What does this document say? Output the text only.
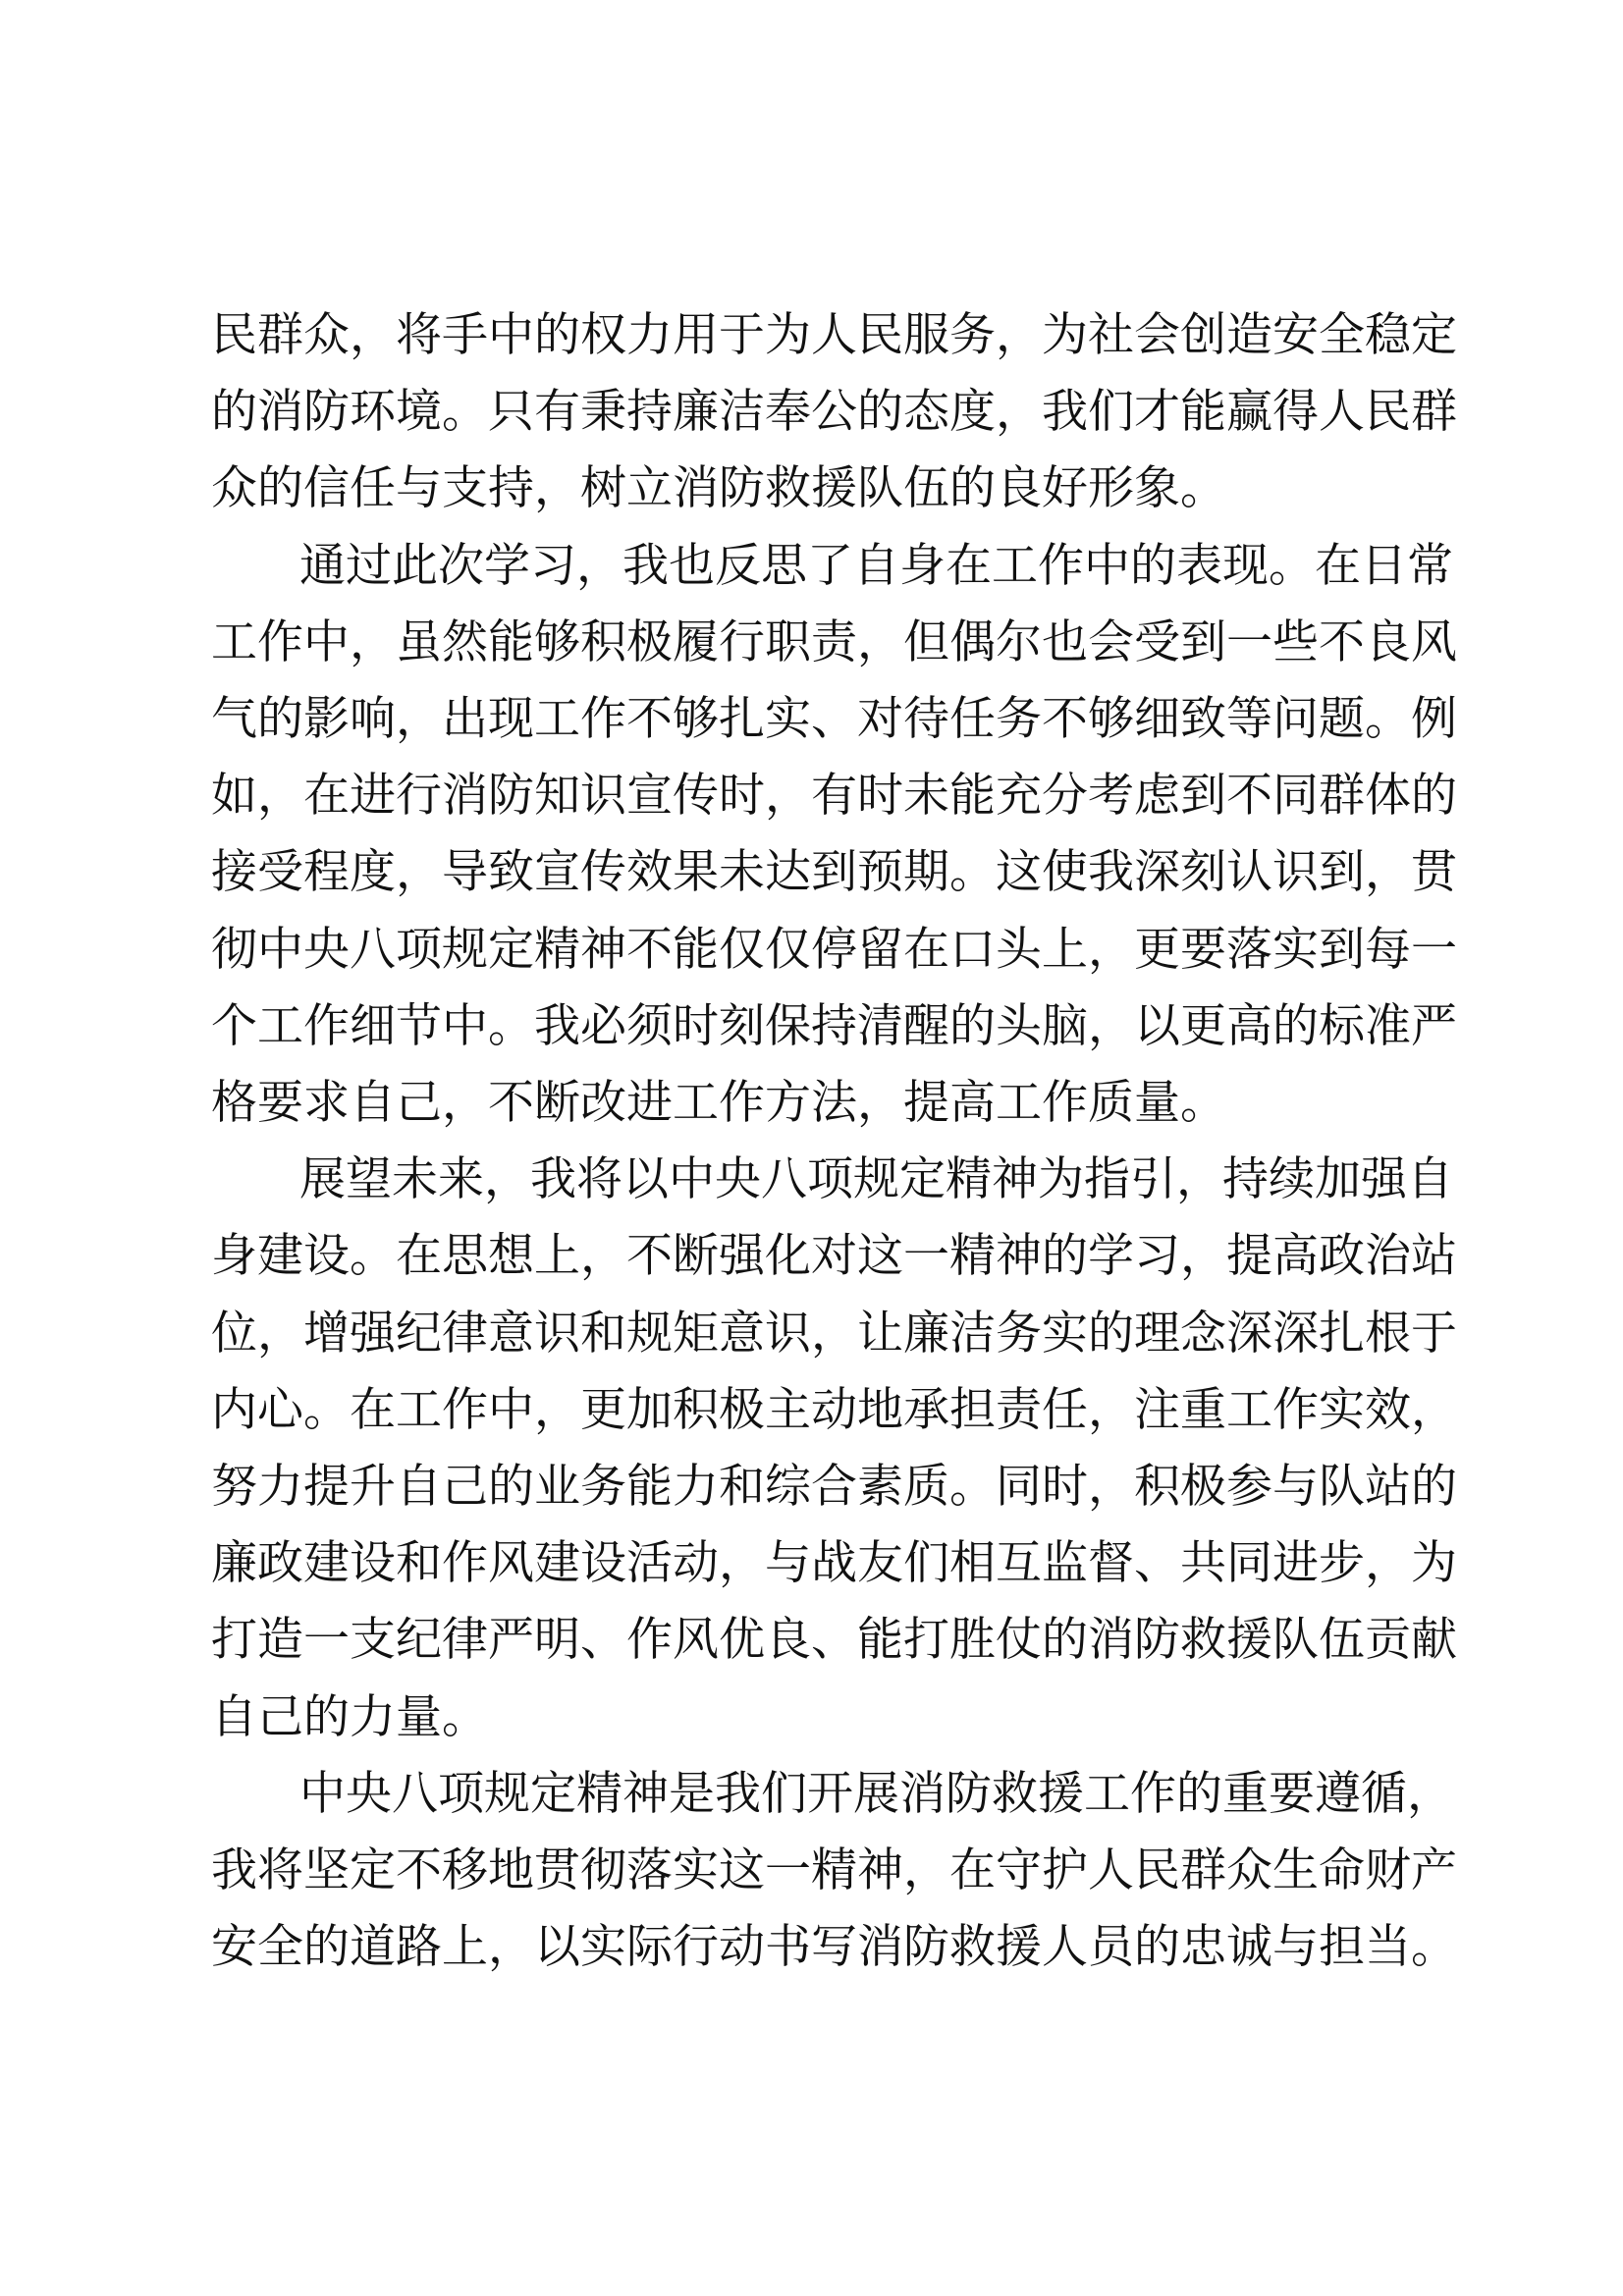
民群众，将手中的权力用于为人民服务，为社会创造安全稳定
的消防环境。只有秉持廉洁奉公的态度，我们才能赢得人民群
众的信任与支持，树立消防救援队伍的良好形象。
通过此次学习，我也反思了自身在工作中的表现。在日常
工作中，虽然能够积极履行职责，但偶尔也会受到一些不良风
气的影响，出现工作不够扎实、对待任务不够细致等问题。例
如，在进行消防知识宣传时，有时未能充分考虑到不同群体的
接受程度，导致宣传效果未达到预期。这使我深刻认识到，贯
彻中央八项规定精神不能仅仅停留在口头上，更要落实到每一
个工作细节中。我必须时刻保持清醒的头脑，以更高的标准严
格要求自己，不断改进工作方法，提高工作质量。
展望未来，我将以中央八项规定精神为指引，持续加强自
身建设。在思想上，不断强化对这一精神的学习，提高政治站
位，增强纪律意识和规矩意识，让廉洁务实的理念深深扎根于
内心。在工作中，更加积极主动地承担责任，注重工作实效，
努力提升自己的业务能力和综合素质。同时，积极参与队站的
廉政建设和作风建设活动，与战友们相互监督、共同进步，为
打造一支纪律严明、作风优良、能打胜仗的消防救援队伍贡献
自己的力量。
中央八项规定精神是我们开展消防救援工作的重要遵循，
我将坚定不移地贯彻落实这一精神，在守护人民群众生命财产
安全的道路上，以实际行动书写消防救援人员的忠诚与担当。
